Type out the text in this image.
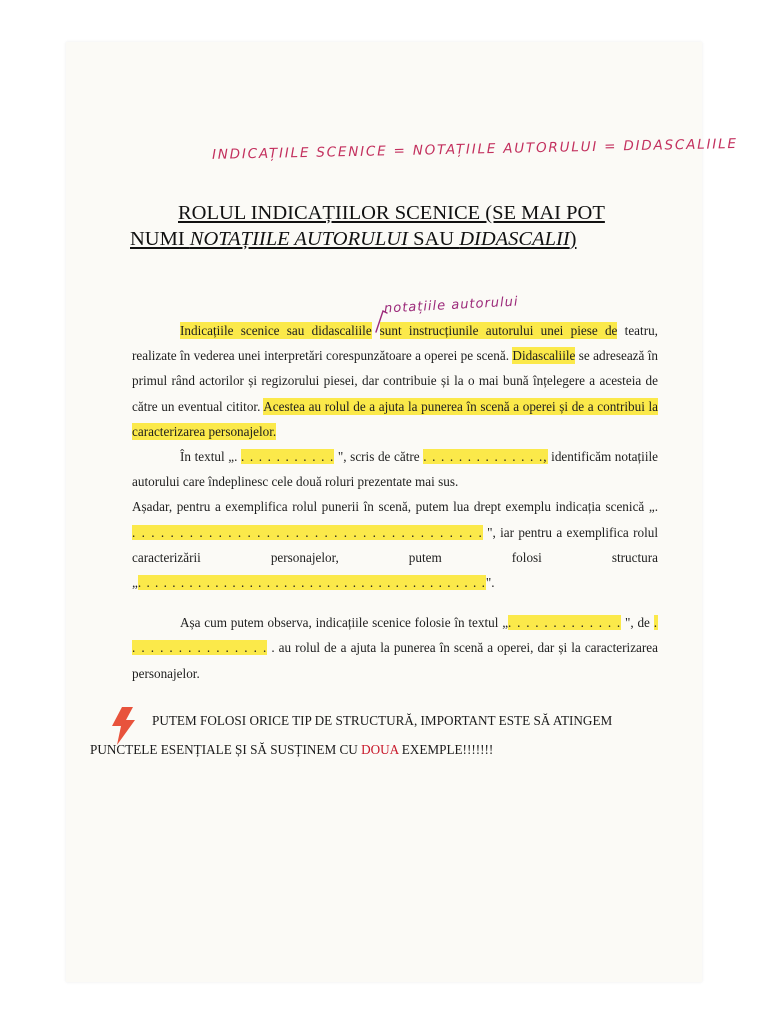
INDICAȚIILE SCENICE = NOTAȚIILE AUTORULUI = DIDASCALIILE
ROLUL INDICAȚIILOR SCENICE (SE MAI POT
NUMI NOTAȚIILE AUTORULUI SAU DIDASCALII)
notațiile autorului

Indicațiile scenice sau didascaliile sunt instrucțiunile autorului unei piese de teatru, realizate în vederea unei interpretări corespunzătoare a operei pe scenă. Didascaliile se adresează în primul rând actorilor și regizorului piesei, dar contribuie și la o mai bună înțelegere a acesteia de către un eventual cititor. Acestea au rolul de a ajuta la punerea în scenă a operei și de a contribui la caracterizarea personajelor.

În textul „. . . . . . . . . . . . ", scris de către . . . . . . . . . . . . . ., identificăm notațiile autorului care îndeplinesc cele două roluri prezentate mai sus.

Așadar, pentru a exemplifica rolul punerii în scenă, putem lua drept exemplu indicația scenică „. . . . . . . . . . . . . . . . . . . . . . . . . . . . . . . . . . . . . . ", iar pentru a exemplifica rolul caracterizării personajelor, putem folosi structura „. . . . . . . . . . . . . . . . . . . . . . . . . . . . . . . . . . . . . . . . .".

Așa cum putem observa, indicațiile scenice folosie în textul „. . . . . . . . . . . . . ", de . . . . . . . . . . . . . . . . . au rolul de a ajuta la punerea în scenă a operei, dar și la caracterizarea personajelor.

PUTEM FOLOSI ORICE TIP DE STRUCTURĂ, IMPORTANT ESTE SĂ ATINGEM
PUNCTELE ESENȚIALE ȘI SĂ SUSȚINEM CU DOUA EXEMPLE!!!!!!!
